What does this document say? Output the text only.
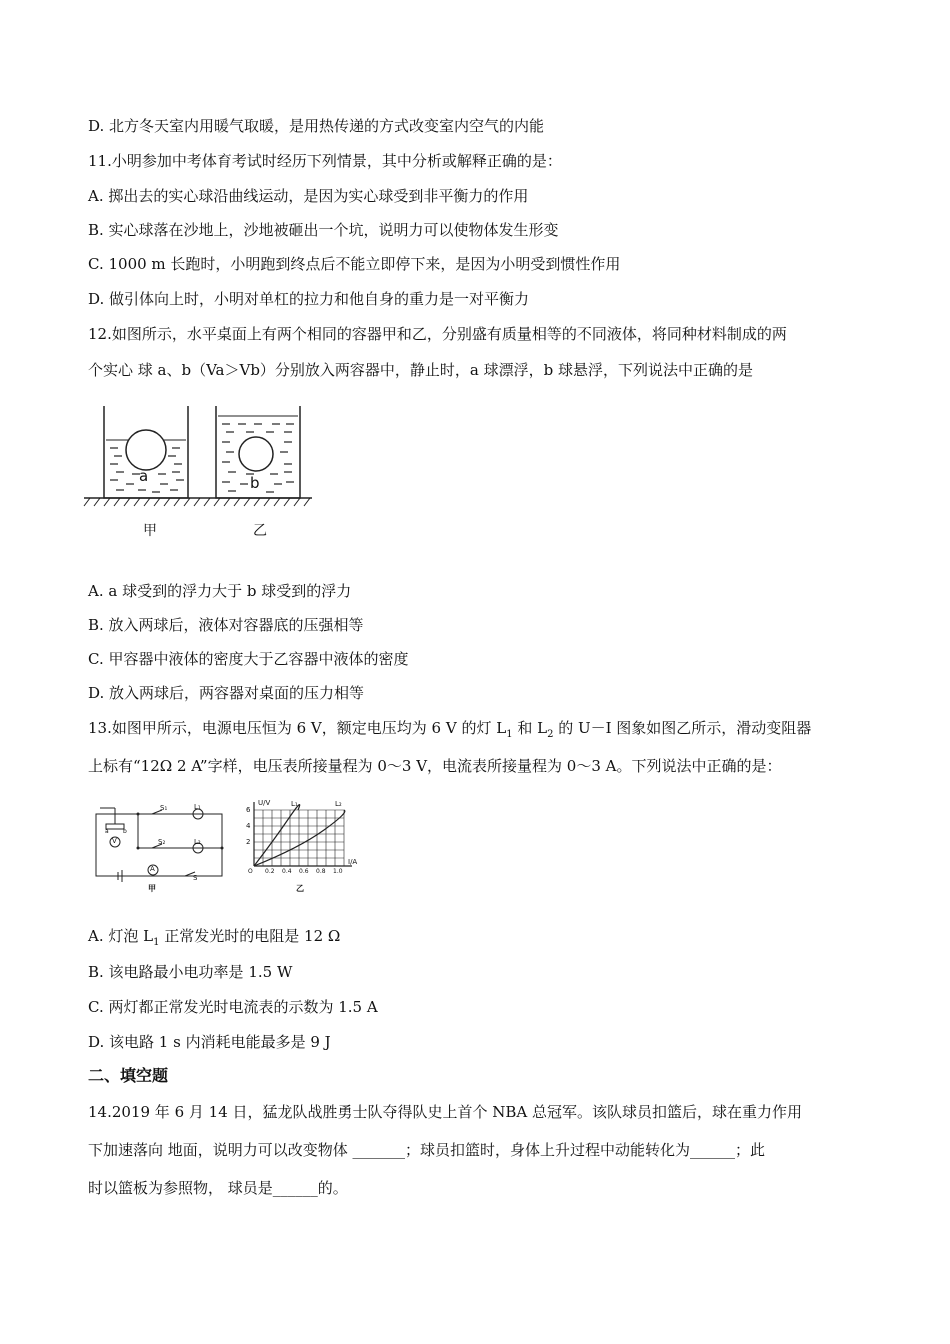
D. 北方冬天室内用暖气取暖，是用热传递的方式改变室内空气的内能
11.小明参加中考体育考试时经历下列情景，其中分析或解释正确的是：
A. 掷出去的实心球沿曲线运动，是因为实心球受到非平衡力的作用
B. 实心球落在沙地上，沙地被砸出一个坑，说明力可以使物体发生形变
C. 1000 m 长跑时，小明跑到终点后不能立即停下来，是因为小明受到惯性作用
D. 做引体向上时，小明对单杠的拉力和他自身的重力是一对平衡力
12.如图所示，水平桌面上有两个相同的容器甲和乙，分别盛有质量相等的不同液体，将同种材料制成的两
个实心 球 a、b（Va＞Vb）分别放入两容器中，静止时，a 球漂浮，b 球悬浮，下列说法中正确的是
a	b
甲	乙
A. a 球受到的浮力大于 b 球受到的浮力
B. 放入两球后，液体对容器底的压强相等
C. 甲容器中液体的密度大于乙容器中液体的密度
D. 放入两球后，两容器对桌面的压力相等
13.如图甲所示，电源电压恒为 6 V，额定电压均为 6 V 的灯 $L_1$ 和 $L_2$ 的 U－I 图象如图乙所示，滑动变阻器
上标有“12Ω 2 A”字样，电压表所接量程为 0～3 V，电流表所接量程为 0～3 A。下列说法中正确的是：
S₁	L₁
S₂	L₂
S
V
A
a b
甲
U/V
I/A
6
4
2
O 0.2 0.4 0.6 0.8 1.0
L₁	L₂
乙
A. 灯泡 $L_1$ 正常发光时的电阻是 12 Ω
B. 该电路最小电功率是 1.5 W
C. 两灯都正常发光时电流表的示数为 1.5 A
D. 该电路 1 s 内消耗电能最多是 9 J
二、填空题
14.2019 年 6 月 14 日，猛龙队战胜勇士队夺得队史上首个 NBA 总冠军。该队球员扣篮后，球在重力作用
下加速落向 地面，说明力可以改变物体 _______；球员扣篮时，身体上升过程中动能转化为______；此
时以篮板为参照物， 球员是______的。
